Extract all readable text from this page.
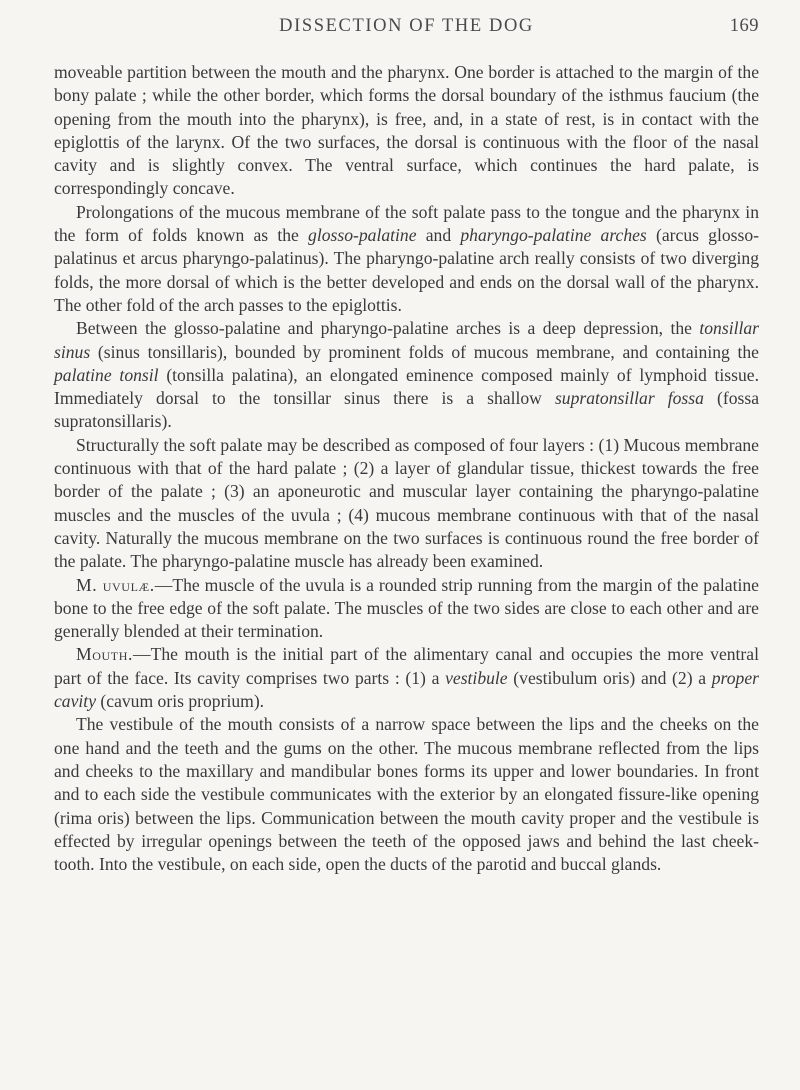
DISSECTION OF THE DOG	169

moveable partition between the mouth and the pharynx. One border is attached to the margin of the bony palate ; while the other border, which forms the dorsal boundary of the isthmus faucium (the opening from the mouth into the pharynx), is free, and, in a state of rest, is in contact with the epiglottis of the larynx. Of the two surfaces, the dorsal is continuous with the floor of the nasal cavity and is slightly convex. The ventral surface, which continues the hard palate, is correspondingly concave.

Prolongations of the mucous membrane of the soft palate pass to the tongue and the pharynx in the form of folds known as the glosso-palatine and pharyngo-palatine arches (arcus glosso-palatinus et arcus pharyngo-palatinus). The pharyngo-palatine arch really consists of two diverging folds, the more dorsal of which is the better developed and ends on the dorsal wall of the pharynx. The other fold of the arch passes to the epiglottis.

Between the glosso-palatine and pharyngo-palatine arches is a deep depression, the tonsillar sinus (sinus tonsillaris), bounded by prominent folds of mucous membrane, and containing the palatine tonsil (tonsilla palatina), an elongated eminence composed mainly of lymphoid tissue. Immediately dorsal to the tonsillar sinus there is a shallow supratonsillar fossa (fossa supratonsillaris).

Structurally the soft palate may be described as composed of four layers : (1) Mucous membrane continuous with that of the hard palate ; (2) a layer of glandular tissue, thickest towards the free border of the palate ; (3) an aponeurotic and muscular layer containing the pharyngo-palatine muscles and the muscles of the uvula ; (4) mucous membrane continuous with that of the nasal cavity. Naturally the mucous membrane on the two surfaces is continuous round the free border of the palate. The pharyngo-palatine muscle has already been examined.

M. uvulæ.—The muscle of the uvula is a rounded strip running from the margin of the palatine bone to the free edge of the soft palate. The muscles of the two sides are close to each other and are generally blended at their termination.

Mouth.—The mouth is the initial part of the alimentary canal and occupies the more ventral part of the face. Its cavity comprises two parts : (1) a vestibule (vestibulum oris) and (2) a proper cavity (cavum oris proprium).

The vestibule of the mouth consists of a narrow space between the lips and the cheeks on the one hand and the teeth and the gums on the other. The mucous membrane reflected from the lips and cheeks to the maxillary and mandibular bones forms its upper and lower boundaries. In front and to each side the vestibule communicates with the exterior by an elongated fissure-like opening (rima oris) between the lips. Communication between the mouth cavity proper and the vestibule is effected by irregular openings between the teeth of the opposed jaws and behind the last cheek-tooth. Into the vestibule, on each side, open the ducts of the parotid and buccal glands.
